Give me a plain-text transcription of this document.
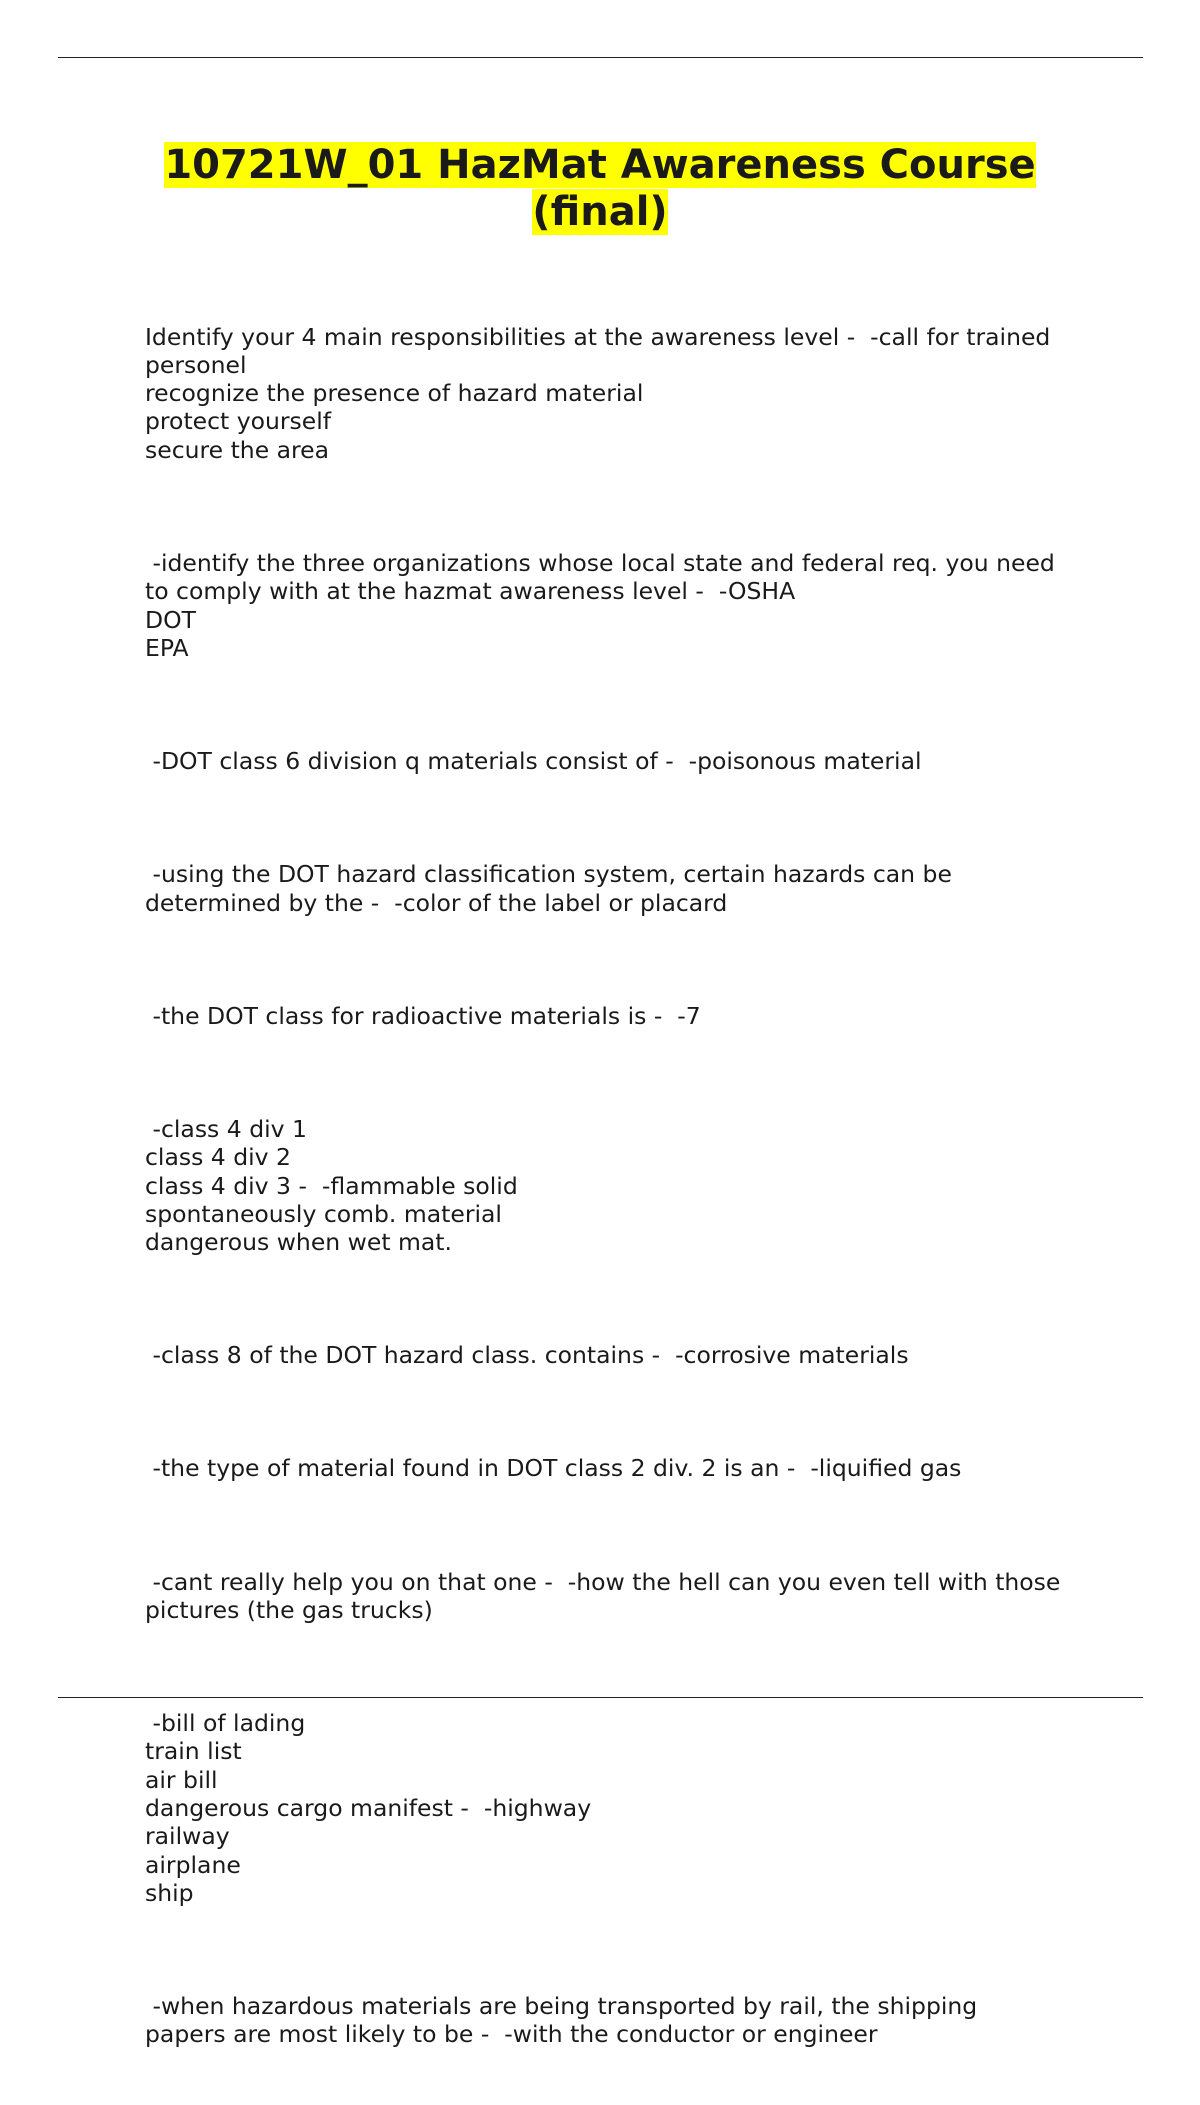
10721W_01 HazMat Awareness Course
(final)

Identify your 4 main responsibilities at the awareness level -  -call for trained
personel
recognize the presence of hazard material
protect yourself
secure the area

-identify the three organizations whose local state and federal req. you need
to comply with at the hazmat awareness level -  -OSHA
DOT
EPA

-DOT class 6 division q materials consist of -  -poisonous material

-using the DOT hazard classification system, certain hazards can be
determined by the -  -color of the label or placard

-the DOT class for radioactive materials is -  -7

-class 4 div 1
class 4 div 2
class 4 div 3 -  -flammable solid
spontaneously comb. material
dangerous when wet mat.

-class 8 of the DOT hazard class. contains -  -corrosive materials

-the type of material found in DOT class 2 div. 2 is an -  -liquified gas

-cant really help you on that one -  -how the hell can you even tell with those
pictures (the gas trucks)

-bill of lading
train list
air bill
dangerous cargo manifest -  -highway
railway
airplane
ship

-when hazardous materials are being transported by rail, the shipping
papers are most likely to be -  -with the conductor or engineer
